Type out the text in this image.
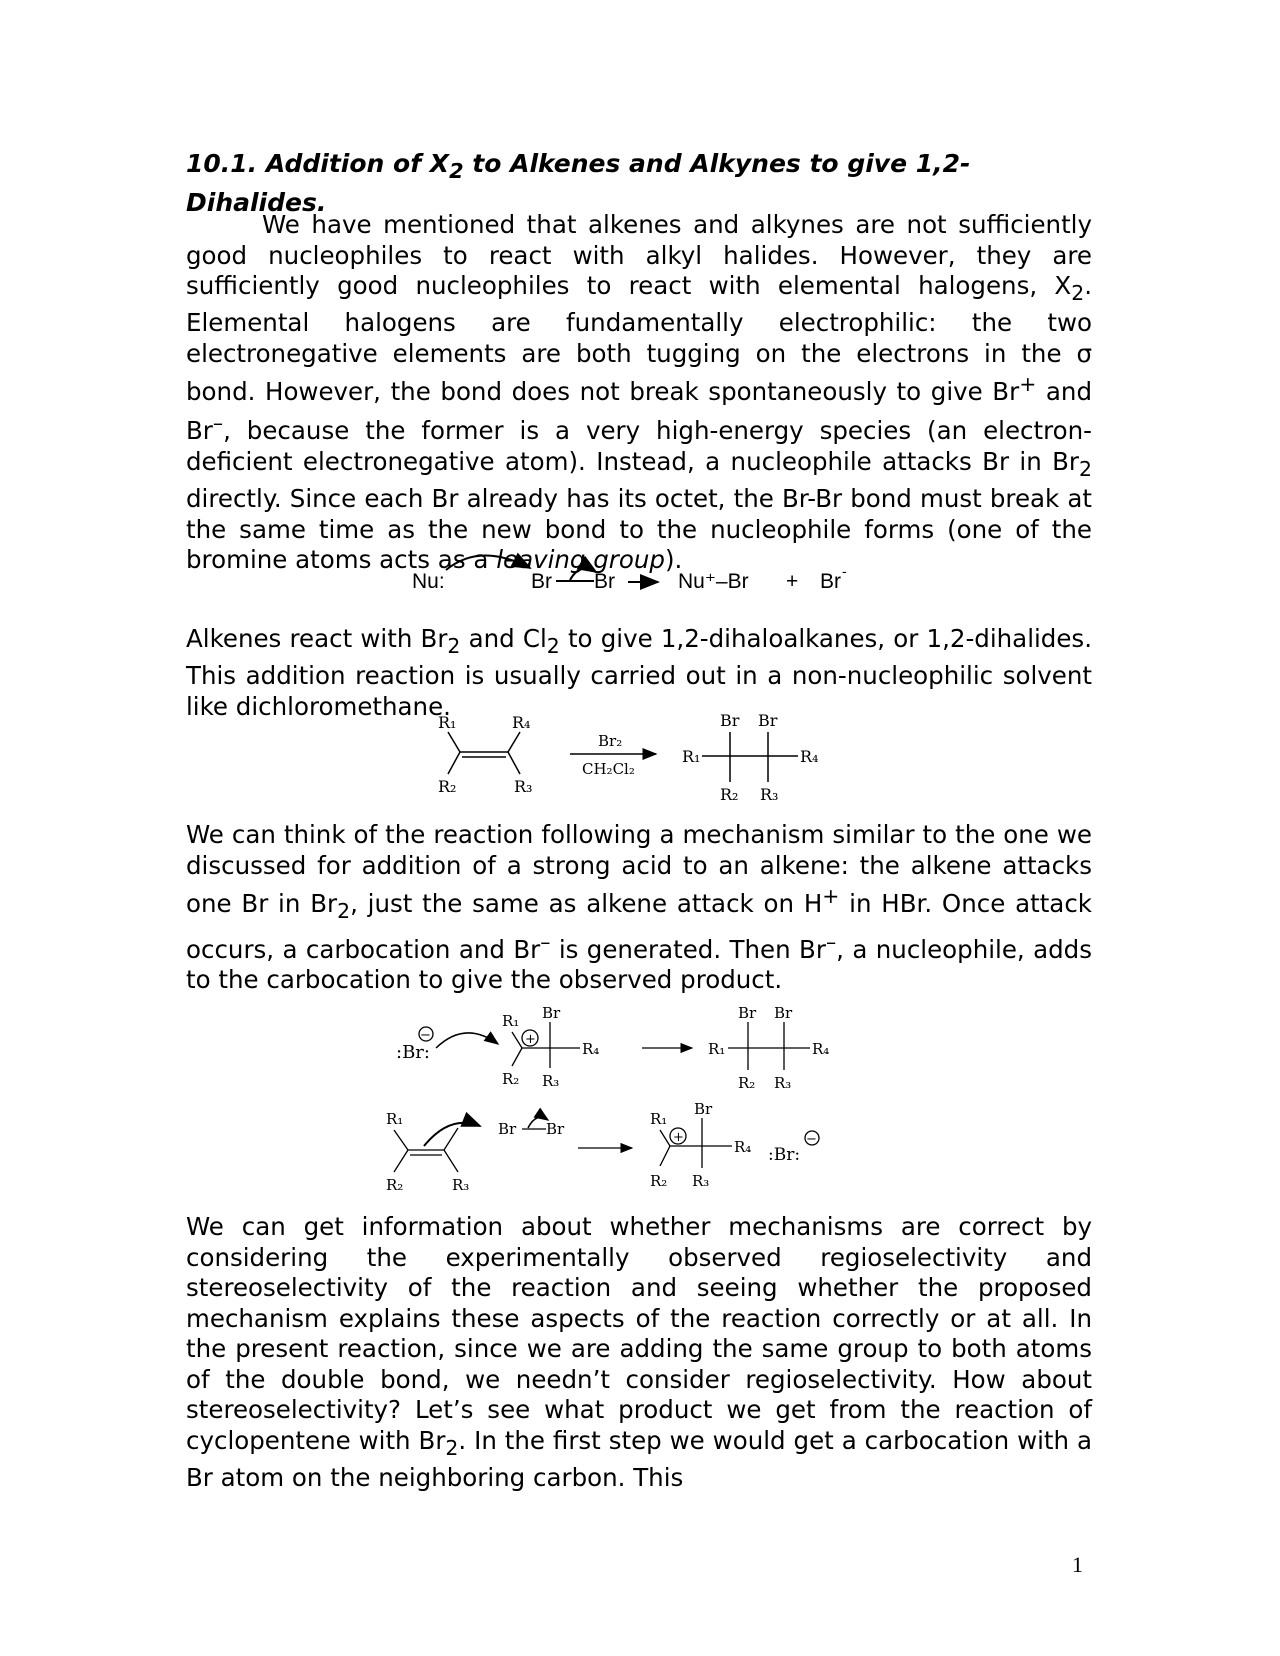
10.1. Addition of $X_2$ to Alkenes and Alkynes to give 1,2-Dihalides.
We have mentioned that alkenes and alkynes are not sufficiently good nucleophiles to react with alkyl halides. However, they are sufficiently good nucleophiles to react with elemental halogens, $X_2$. Elemental halogens are fundamentally electrophilic: the two electronegative elements are both tugging on the electrons in the σ bond. However, the bond does not break spontaneously to give Br+ and Br–, because the former is a very high-energy species (an electron-deficient electronegative atom). Instead, a nucleophile attacks Br in $Br_2$ directly. Since each Br already has its octet, the Br-Br bond must break at the same time as the new bond to the nucleophile forms (one of the bromine atoms acts as a leaving group).
Nu:	Br Br	Nu⁺–Br + Br -
Alkenes react with $Br_2$ and $Cl_2$ to give 1,2-dihaloalkanes, or 1,2-dihalides. This addition reaction is usually carried out in a non-nucleophilic solvent like dichloromethane.
R₁	R₄
R₂	R₃
Br₂
CH₂Cl₂
R₁
Br Br
R₄
R₂ R₃
We can think of the reaction following a mechanism similar to the one we discussed for addition of a strong acid to an alkene: the alkene attacks one Br in $Br_2$, just the same as alkene attack on H+ in HBr. Once attack occurs, a carbocation and Br– is generated. Then Br–, a nucleophile, adds to the carbocation to give the observed product.
:Br:
−
R₁
+
Br
R₄
R₂ R₃
R₁
Br Br
R₄
R₂ R₃
R₁
R₂	R₃
Br Br
R₁
+
Br
R₄
R₂ R₃
:Br:
−
We can get information about whether mechanisms are correct by considering the experimentally observed regioselectivity and stereoselectivity of the reaction and seeing whether the proposed mechanism explains these aspects of the reaction correctly or at all. In the present reaction, since we are adding the same group to both atoms of the double bond, we needn’t consider regioselectivity. How about stereoselectivity? Let’s see what product we get from the reaction of cyclopentene with $Br_2$. In the first step we would get a carbocation with a Br atom on the neighboring carbon. This
1
